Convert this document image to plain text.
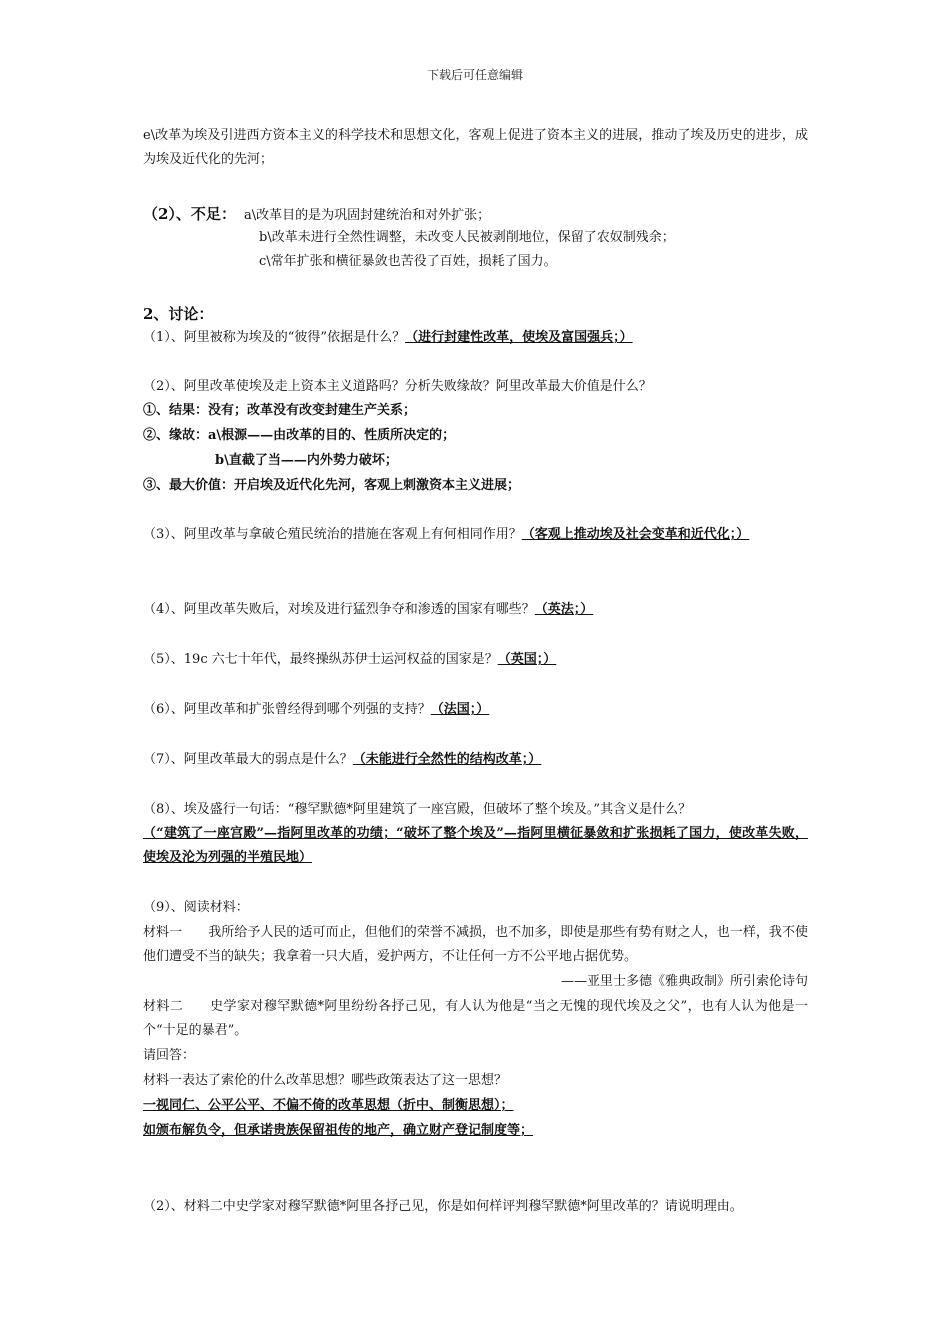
下载后可任意编辑

e\改革为埃及引进西方资本主义的科学技术和思想文化，客观上促进了资本主义的进展，推动了埃及历史的进步，成为埃及近代化的先河；

（2）、不足： a\改革目的是为巩固封建统治和对外扩张；

b\改革未进行全然性调整，未改变人民被剥削地位，保留了农奴制残余；

c\常年扩张和横征暴敛也苦役了百姓，损耗了国力。

2、讨论：

（1）、阿里被称为埃及的“彼得”依据是什么？（进行封建性改革，使埃及富国强兵；）

（2）、阿里改革使埃及走上资本主义道路吗？分析失败缘故？阿里改革最大价值是什么？

①、结果：没有；改革没有改变封建生产关系；

②、缘故：a\根源——由改革的目的、性质所决定的；

b\直截了当——内外势力破坏；

③、最大价值：开启埃及近代化先河，客观上刺激资本主义进展；

（3）、阿里改革与拿破仑殖民统治的措施在客观上有何相同作用？（客观上推动埃及社会变革和近代化；）

（4）、阿里改革失败后，对埃及进行猛烈争夺和渗透的国家有哪些？（英法；）

（5）、19c 六七十年代，最终操纵苏伊士运河权益的国家是？（英国；）

（6）、阿里改革和扩张曾经得到哪个列强的支持？（法国；）

（7）、阿里改革最大的弱点是什么？（未能进行全然性的结构改革；）

（8）、埃及盛行一句话：“穆罕默德*阿里建筑了一座宫殿，但破坏了整个埃及。”其含义是什么？

（“建筑了一座宫殿”—指阿里改革的功绩；“破坏了整个埃及”—指阿里横征暴敛和扩张损耗了国力，使改革失败，使埃及沦为列强的半殖民地）

（9）、阅读材料：

材料一　　我所给予人民的适可而止，但他们的荣誉不减损，也不加多，即使是那些有势有财之人，也一样，我不使他们遭受不当的缺失；我拿着一只大盾，爱护两方，不让任何一方不公平地占据优势。

——亚里士多德《雅典政制》所引索伦诗句

材料二　　史学家对穆罕默德*阿里纷纷各抒己见，有人认为他是“当之无愧的现代埃及之父”，也有人认为他是一个“十足的暴君”。

请回答：

材料一表达了索伦的什么改革思想？哪些政策表达了这一思想？

一视同仁、公平公平、不偏不倚的改革思想（折中、制衡思想）；

如颁布解负令，但承诺贵族保留祖传的地产，确立财产登记制度等；

（2）、材料二中史学家对穆罕默德*阿里各抒己见，你是如何样评判穆罕默德*阿里改革的？请说明理由。
